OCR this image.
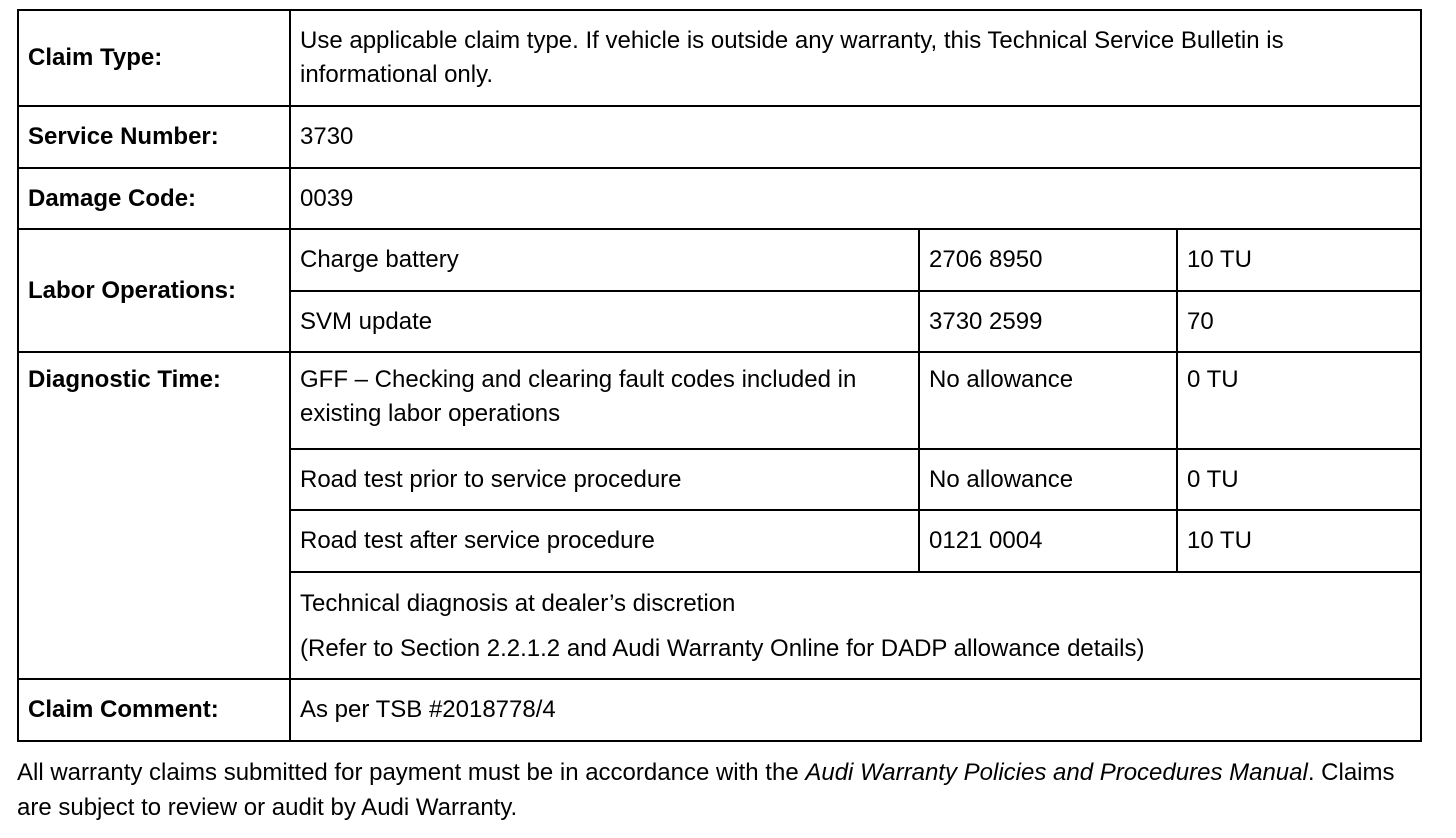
Claim Type:	Use applicable claim type. If vehicle is outside any warranty, this Technical Service Bulletin is informational only.		
Service Number:	3730		
Damage Code:	0039		
Labor Operations:	Charge battery	2706 8950	10 TU
	SVM update	3730 2599	70
Diagnostic Time:	GFF – Checking and clearing fault codes included in existing labor operations	No allowance	0 TU
	Road test prior to service procedure	No allowance	0 TU
	Road test after service procedure	0121 0004	10 TU

	Technical diagnosis at dealer’s discretion
(Refer to Section 2.2.1.2 and Audi Warranty Online for DADP allowance details)		

Claim Comment:	As per TSB #2018778/4		
All warranty claims submitted for payment must be in accordance with the Audi Warranty Policies and Procedures Manual. Claims are subject to review or audit by Audi Warranty.
